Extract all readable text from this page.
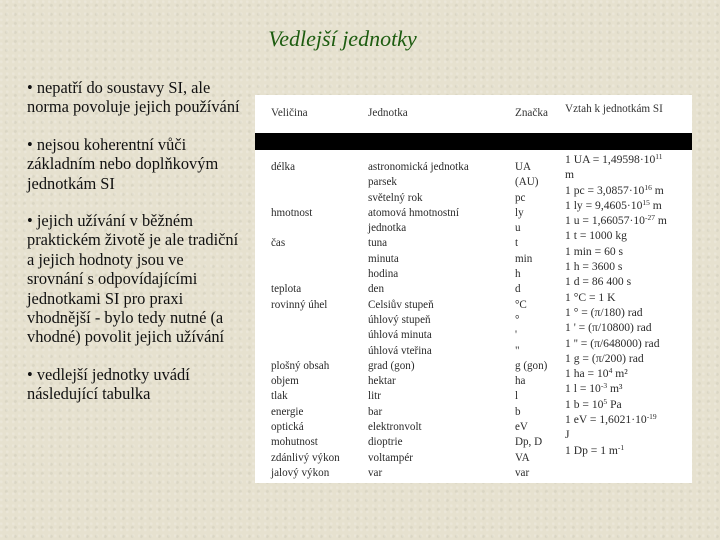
Vedlejší jednotky

• nepatří do soustavy SI, ale norma povoluje jejich používání

• nejsou koherentní vůči základním nebo doplňkovým jednotkám SI

• jejich užívání v běžném praktickém životě je ale tradiční a jejich hodnoty jsou ve srovnání s odpovídajícími jednotkami SI pro praxi vhodnější - bylo tedy nutné (a vhodné) povolit jejich užívání

• vedlejší jednotky uvádí následující tabulka

Veličina	Jednotka	Značka Vztah k jednotkám SI
délka

hmotnost

čas

teplota
rovinný úhel

plošný obsah
objem
tlak
energie
optická
mohutnost
zdánlivý výkon
jalový výkon
astronomická jednotka
parsek
světelný rok
atomová hmotnostní
jednotka
tuna
minuta
hodina
den
Celsiův stupeň
úhlový stupeň
úhlová minuta
úhlová vteřina
grad (gon)
hektar
litr
bar
elektronvolt
dioptrie
voltampér
var
UA
(AU)
pc
ly
u
t
min
h
d
°C
°
'
"
g (gon)
ha
l
b
eV
Dp, D
VA
var
1 UA = $1,49598\cdot 10^{11}$
m
1 pc = $3,0857\cdot 10^{16}$ m
1 ly = $9,4605\cdot 10^{15}$ m
1 $u = 1,66057\cdot 10^{-27}$ m
1 t = 1000 kg
1 min = 60 s
1 h = 3600 s
1 d = 86 400 s
1 °C = 1 K
1 ° = (π/180) rad
1 ' = (π/10800) rad
1 '' = (π/648000) rad
1 g = (π/200) rad
1 ha = $10^4$ m²
1 $l = 10^{-3}$ m³
1 $b = 10^5$ Pa
1 eV = $1,6021\cdot 10^{-19}$
J
1 Dp = 1 $m^{-1}$
